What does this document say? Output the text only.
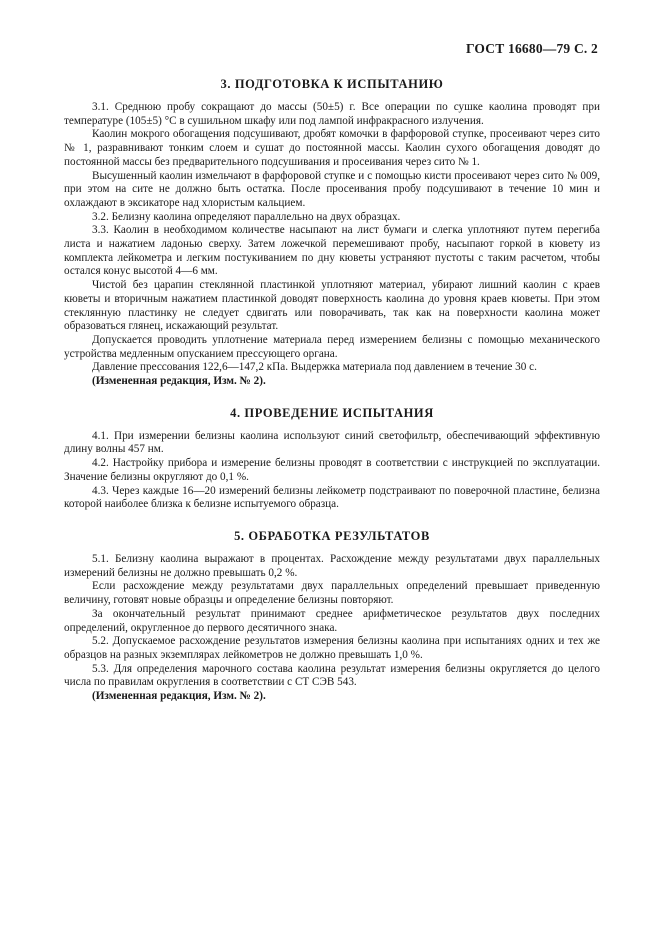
ГОСТ 16680—79 С. 2
3. ПОДГОТОВКА К ИСПЫТАНИЮ

3.1. Среднюю пробу сокращают до массы (50±5) г. Все операции по сушке каолина проводят при температуре (105±5) °С в сушильном шкафу или под лампой инфракрасного излучения.

Каолин мокрого обогащения подсушивают, дробят комочки в фарфоровой ступке, просеивают через сито № 1, разравнивают тонким слоем и сушат до постоянной массы. Каолин сухого обогащения доводят до постоянной массы без предварительного подсушивания и просеивания через сито № 1.

Высушенный каолин измельчают в фарфоровой ступке и с помощью кисти просеивают через сито № 009, при этом на сите не должно быть остатка. После просеивания пробу подсушивают в течение 10 мин и охлаждают в эксикаторе над хлористым кальцием.

3.2. Белизну каолина определяют параллельно на двух образцах.

3.3. Каолин в необходимом количестве насыпают на лист бумаги и слегка уплотняют путем перегиба листа и нажатием ладонью сверху. Затем ложечкой перемешивают пробу, насыпают горкой в кювету из комплекта лейкометра и легким постукиванием по дну кюветы устраняют пустоты с таким расчетом, чтобы остался конус высотой 4—6 мм.

Чистой без царапин стеклянной пластинкой уплотняют материал, убирают лишний каолин с краев кюветы и вторичным нажатием пластинкой доводят поверхность каолина до уровня краев кюветы. При этом стеклянную пластинку не следует сдвигать или поворачивать, так как на поверхности каолина может образоваться глянец, искажающий результат.

Допускается проводить уплотнение материала перед измерением белизны с помощью механического устройства медленным опусканием прессующего органа.

Давление прессования 122,6—147,2 кПа. Выдержка материала под давлением в течение 30 с.

(Измененная редакция, Изм. № 2).

4. ПРОВЕДЕНИЕ ИСПЫТАНИЯ

4.1. При измерении белизны каолина используют синий светофильтр, обеспечивающий эффективную длину волны 457 нм.

4.2. Настройку прибора и измерение белизны проводят в соответствии с инструкцией по эксплуатации. Значение белизны округляют до 0,1 %.

4.3. Через каждые 16—20 измерений белизны лейкометр подстраивают по поверочной пластине, белизна которой наиболее близка к белизне испытуемого образца.

5. ОБРАБОТКА РЕЗУЛЬТАТОВ

5.1. Белизну каолина выражают в процентах. Расхождение между результатами двух параллельных измерений белизны не должно превышать 0,2 %.

Если расхождение между результатами двух параллельных определений превышает приведенную величину, готовят новые образцы и определение белизны повторяют.

За окончательный результат принимают среднее арифметическое результатов двух последних определений, округленное до первого десятичного знака.

5.2. Допускаемое расхождение результатов измерения белизны каолина при испытаниях одних и тех же образцов на разных экземплярах лейкометров не должно превышать 1,0 %.

5.3. Для определения марочного состава каолина результат измерения белизны округляется до целого числа по правилам округления в соответствии с СТ СЭВ 543.

(Измененная редакция, Изм. № 2).
